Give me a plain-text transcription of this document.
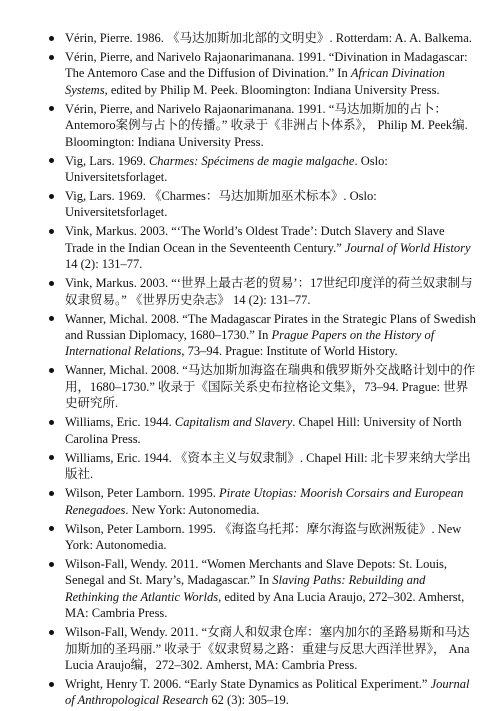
Vérin, Pierre. 1986. 《马达加斯加北部的文明史》. Rotterdam: A. A. Balkema.
Vérin, Pierre, and Narivelo Rajaonarimanana. 1991. “Divination in Madagascar: The Antemoro Case and the Diffusion of Divination.” In African Divination Systems, edited by Philip M. Peek. Bloomington: Indiana University Press.
Vérin, Pierre, and Narivelo Rajaonarimanana. 1991. “马达加斯加的占卜：Antemoro案例与占卜的传播。” 收录于《非洲占卜体系》， Philip M. Peek编. Bloomington: Indiana University Press.
Vig, Lars. 1969. Charmes: Spécimens de magie malgache. Oslo: Universitetsforlaget.
Vig, Lars. 1969. 《Charmes：马达加斯加巫术标本》. Oslo: Universitetsforlaget.
Vink, Markus. 2003. “‘The World’s Oldest Trade’: Dutch Slavery and Slave Trade in the Indian Ocean in the Seventeenth Century.” Journal of World History 14 (2): 131–77.
Vink, Markus. 2003. “‘世界上最古老的贸易’：17世纪印度洋的荷兰奴隶制与奴隶贸易。” 《世界历史杂志》 14 (2): 131–77.
Wanner, Michal. 2008. “The Madagascar Pirates in the Strategic Plans of Swedish and Russian Diplomacy, 1680–1730.” In Prague Papers on the History of International Relations, 73–94. Prague: Institute of World History.
Wanner, Michal. 2008. “马达加斯加海盗在瑞典和俄罗斯外交战略计划中的作用，1680–1730.” 收录于《国际关系史布拉格论文集》，73–94. Prague: 世界史研究所.
Williams, Eric. 1944. Capitalism and Slavery. Chapel Hill: University of North Carolina Press.
Williams, Eric. 1944. 《资本主义与奴隶制》. Chapel Hill: 北卡罗来纳大学出版社.
Wilson, Peter Lamborn. 1995. Pirate Utopias: Moorish Corsairs and European Renegadoes. New York: Autonomedia.
Wilson, Peter Lamborn. 1995. 《海盗乌托邦：摩尔海盗与欧洲叛徒》. New York: Autonomedia.
Wilson-Fall, Wendy. 2011. “Women Merchants and Slave Depots: St. Louis, Senegal and St. Mary’s, Madagascar.” In Slaving Paths: Rebuilding and Rethinking the Atlantic Worlds, edited by Ana Lucia Araujo, 272–302. Amherst, MA: Cambria Press.
Wilson-Fall, Wendy. 2011. “女商人和奴隶仓库：塞内加尔的圣路易斯和马达加斯加的圣玛丽.” 收录于《奴隶贸易之路：重建与反思大西洋世界》， Ana Lucia Araujo编，272–302. Amherst, MA: Cambria Press.
Wright, Henry T. 2006. “Early State Dynamics as Political Experiment.” Journal of Anthropological Research 62 (3): 305–19.
